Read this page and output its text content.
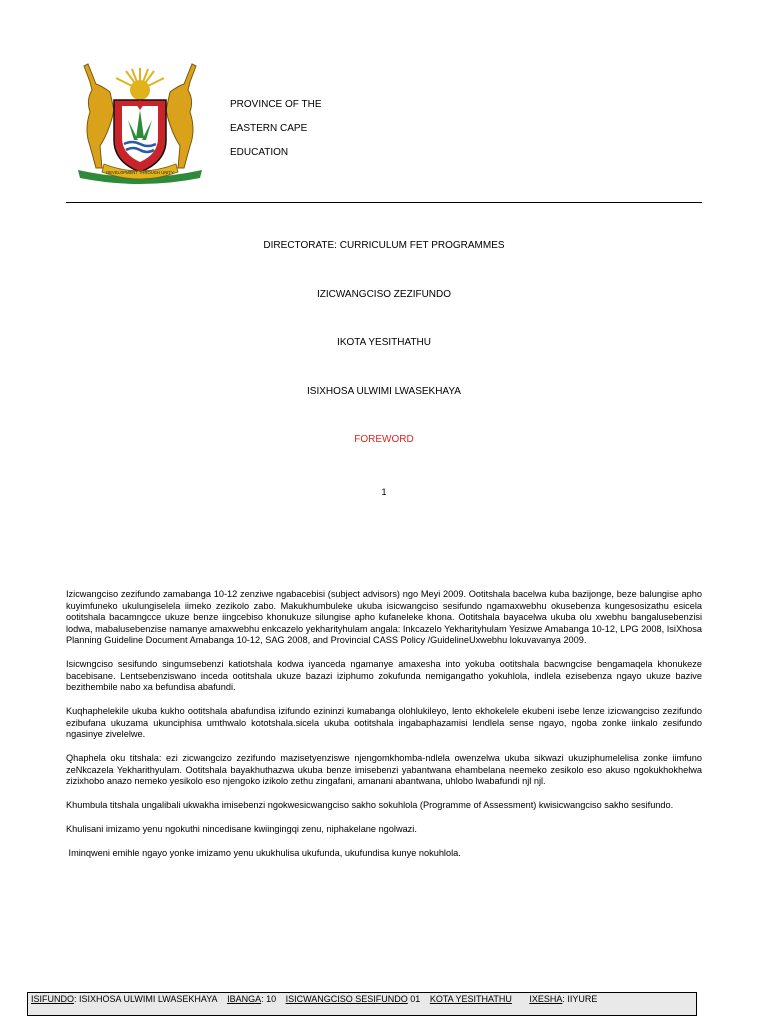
DEVELOPMENT THROUGH UNITY
PROVINCE OF THE
EASTERN CAPE
EDUCATION
DIRECTORATE: CURRICULUM FET PROGRAMMES
IZICWANGCISO ZEZIFUNDO
IKOTA YESITHATHU
ISIXHOSA ULWIMI LWASEKHAYA
FOREWORD
1

Izicwangciso zezifundo zamabanga 10-12 zenziwe ngabacebisi (subject advisors) ngo Meyi 2009. Ootitshala bacelwa kuba bazijonge, beze balungise apho kuyimfuneko ukulungiselela iimeko zezikolo zabo. Makukhumbuleke ukuba isicwangciso sesifundo ngamaxwebhu okusebenza kungesosizathu esicela ootitshala bacamngcce ukuze benze iingcebiso khonukuze silungise apho kufaneleke khona. Ootitshala bayacelwa ukuba olu xwebhu bangalusebenzisi lodwa, mabalusebenzise namanye amaxwebhu enkcazelo yekharityhulam angala: Inkcazelo Yekharityhulam Yesizwe Amabanga 10-12, LPG 2008, IsiXhosa Planning Guideline Document Amabanga 10-12, SAG 2008, and Provincial CASS Policy /GuidelineUxwebhu lokuvavanya 2009.

Isicwngciso sesifundo singumsebenzi katiotshala kodwa iyanceda ngamanye amaxesha into yokuba ootitshala bacwngcise bengamaqela khonukeze bacebisane. Lentsebenziswano inceda ootitshala ukuze bazazi iziphumo zokufunda nemigangatho yokuhlola, indlela ezisebenza ngayo ukuze bazive bezithembile nabo xa befundisa abafundi.

Kuqhaphelekile ukuba kukho ootitshala abafundisa izifundo ezininzi kumabanga olohlukileyo, lento ekhokelele ekubeni isebe lenze izicwangciso zezifundo ezibufana ukuzama ukunciphisa umthwalo kototshala.sicela ukuba ootitshala ingabaphazamisi lendlela sense ngayo, ngoba zonke iinkalo zesifundo ngasinye zivelelwe.

Qhaphela oku titshala: ezi zicwangcizo zezifundo mazisetyenziswe njengomkhomba-ndlela owenzelwa ukuba sikwazi ukuziphumelelisa zonke iimfuno zeNkcazela Yekharithyulam. Ootitshala bayakhuthazwa ukuba benze imisebenzi yabantwana ehambelana neemeko zesikolo eso akuso ngokukhokhelwa zizixhobo anazo nemeko yesikolo eso njengoko izikolo zethu zingafani, amanani abantwana, uhlobo lwabafundi njl njl.

Khumbula titshala ungalibali ukwakha imisebenzi ngokwesicwangciso sakho sokuhlola (Programme of Assessment) kwisicwangciso sakho sesifundo.

Khulisani imizamo yenu ngokuthi nincedisane kwiingingqi zenu, niphakelane ngolwazi.

Iminqweni emihle ngayo yonke imizamo yenu ukukhulisa ukufunda, ukufundisa kunye nokuhlola.

ISIFUNDO: ISIXHOSA ULWIMI LWASEKHAYA IBANGA: 10 ISICWANGCISO SESIFUNDO 01 KOTA YESITHATHU IXESHA: IIYURE
